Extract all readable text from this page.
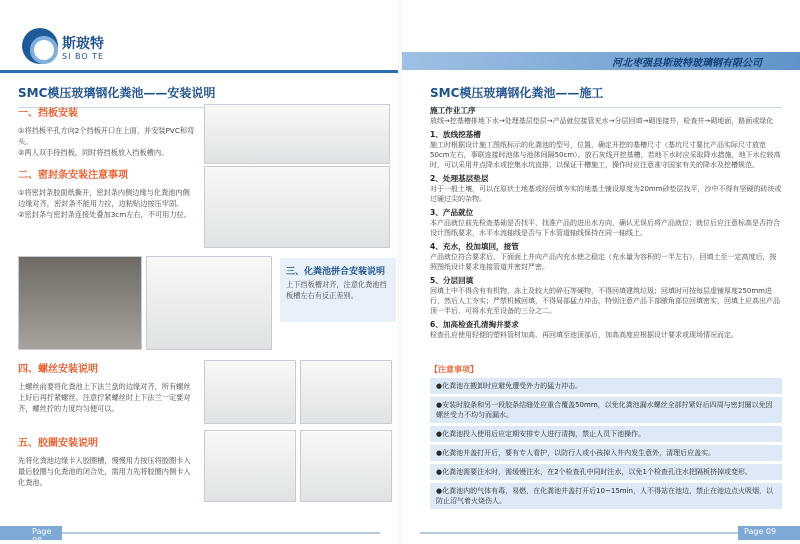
斯玻特
SI BO TE
河北枣强县斯玻特玻璃钢有限公司
SMC模压玻璃钢化粪池——安装说明
一、挡板安装
①将挡板平孔方向2个挡板开口在上面，并安装PVC和弯头。
②两人双手持挡板，同时将挡板放入挡板槽内。
二、密封条安装注意事项
①将密封条胶面纸撕开，密封条内侧边缘与化粪池内侧边缘对齐，密封条不能用力拉，边粘贴边按压牢固。
②密封条与密封条连接处叠加3cm左右，不可用力拉。
三、化粪池拼合安装说明
上下挡板槽对齐，注意化粪池挡板槽左右有反正差别。
四、螺丝安装说明
上螺丝前要将化粪池上下法兰盘的边缘对齐，所有螺丝上好后再拧紧螺丝。注意拧紧螺丝时上下法兰一定要对齐，螺丝拧的力度均匀便可以。
五、胶圈安装说明
先将化粪池边缘卡入胶圈槽，慢慢用力按压将胶圈卡入最后胶圈与化粪池的闭合处，需用力先将胶圈内侧卡入化粪池。
SMC模压玻璃钢化粪池——施工
施工作业工序
放线→挖基槽排地下水→处理基层垫层→产品就位接管充水→分层回填→砌连接井，检查井→砌地面，路面或绿化
1、放线挖基槽
施工时根据设计施工图纸标示的化粪池的型号，位置，确定开挖的基槽尺寸（基坑尺寸要比产品实际尺寸放宽50cm左右，事联连接时池体与池体间隔50cm）。放石灰线开挖基槽，若地下水时应采取降水措施，地下水位较高时，可以采用井点降水或挖集水坑直排，以保证干槽施工，操作时应注意准守国家有关的降水及挖槽规范。
2、处理基层垫层
对于一般土壤，可以在原状土地基或经回填夯实的地基土铺设厚度为20mm砂垫层找平，沙中不得有坚硬的砖块或过硬过尖的杂物。
3、产品就位
本产品就位前先检查基础是否找平，找准产品的进出水方向，确认无误后将产品就位；就位后应注意标高是否符合设计图纸要求，水平水流轴线是否与下水管道轴线保持在同一轴线上。
4、充水，投加填回，接管
产品就位符合要求后，下面面上并向产品内充水使之稳定（充水量为容积的一半左右），回填土至一定高度后，按照图纸设计要求连接管道并密封严密。
5、分层回填
回填土中不得含有有机物，冻土及较大的碎石等硬物，不得回填建筑垃圾；回填时可按每层虚铺厚度250mm进行，然后人工夯实；严禁机械回填，不得局部猛力冲击，特别注意产品下部腋角部位回填密实，回填土应高出产品顶一半后，可将水充至设备的三分之二。
6、加高检查孔清掏井要求
检查孔应使用轻便的塑料管材加高，再回填至池顶部后，加高高度应根据设计要求或现场情况而定。
【注意事项】
●化粪池在搬卸时应避免遭受外力的猛力冲击。
●安装时胶条和另一段胶条结缝处应重合覆盖50mm，以免化粪池漏水螺丝全部拧紧好后四周与密封圈以免因螺丝受力不均匀而漏水。
●化粪池投入使用后应定期安排专人进行清掏，禁止人员下池操作。
●化粪池井盖打开后，要有专人看护，以防行人或小孩掉入井内发生意外，清理后应盖实。
●化粪池需要注水时，需缓慢注水，在2个检查孔中同时注水，以免1个检查孔注水把隔板挤掉或变形。
●化粪池内的气体有毒，易燃，在化粪池井盖打开后10~15min，人不得站在池边，禁止在池边点火吸烟，以防止沼气着火烧伤人。
Page 08
Page 09
